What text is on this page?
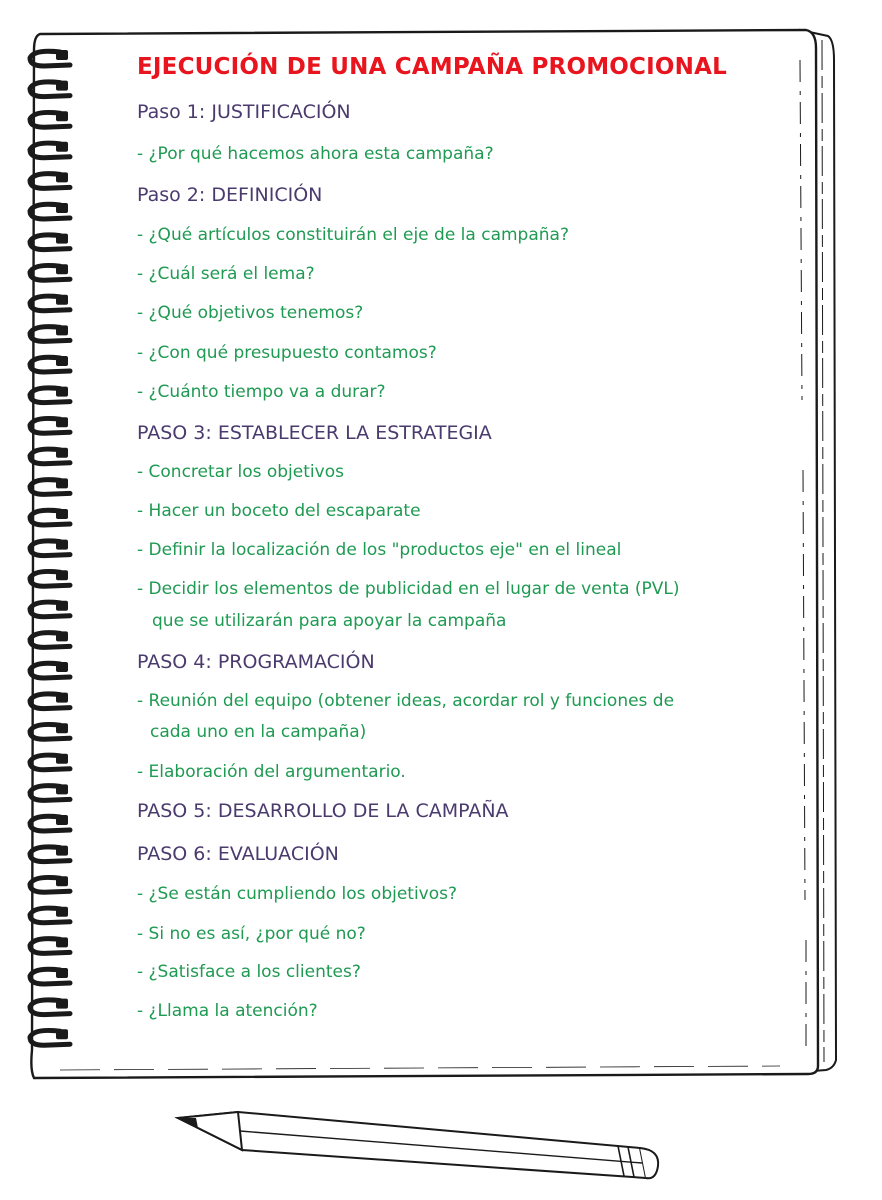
EJECUCIÓN DE UNA CAMPAÑA PROMOCIONAL
Paso 1: JUSTIFICACIÓN
- ¿Por qué hacemos ahora esta campaña?
Paso 2: DEFINICIÓN
- ¿Qué artículos constituirán el eje de la campaña?
- ¿Cuál será el lema?
- ¿Qué objetivos tenemos?
- ¿Con qué presupuesto contamos?
- ¿Cuánto tiempo va a durar?
PASO 3: ESTABLECER LA ESTRATEGIA
- Concretar los objetivos
- Hacer un boceto del escaparate
- Definir la localización de los "productos eje" en el lineal
- Decidir los elementos de publicidad en el lugar de venta (PVL)
que se utilizarán para apoyar la campaña
PASO 4: PROGRAMACIÓN
- Reunión del equipo (obtener ideas, acordar rol y funciones de
cada uno en la campaña)
- Elaboración del argumentario.
PASO 5: DESARROLLO DE LA CAMPAÑA
PASO 6: EVALUACIÓN
- ¿Se están cumpliendo los objetivos?
- Si no es así, ¿por qué no?
- ¿Satisface a los clientes?
- ¿Llama la atención?
